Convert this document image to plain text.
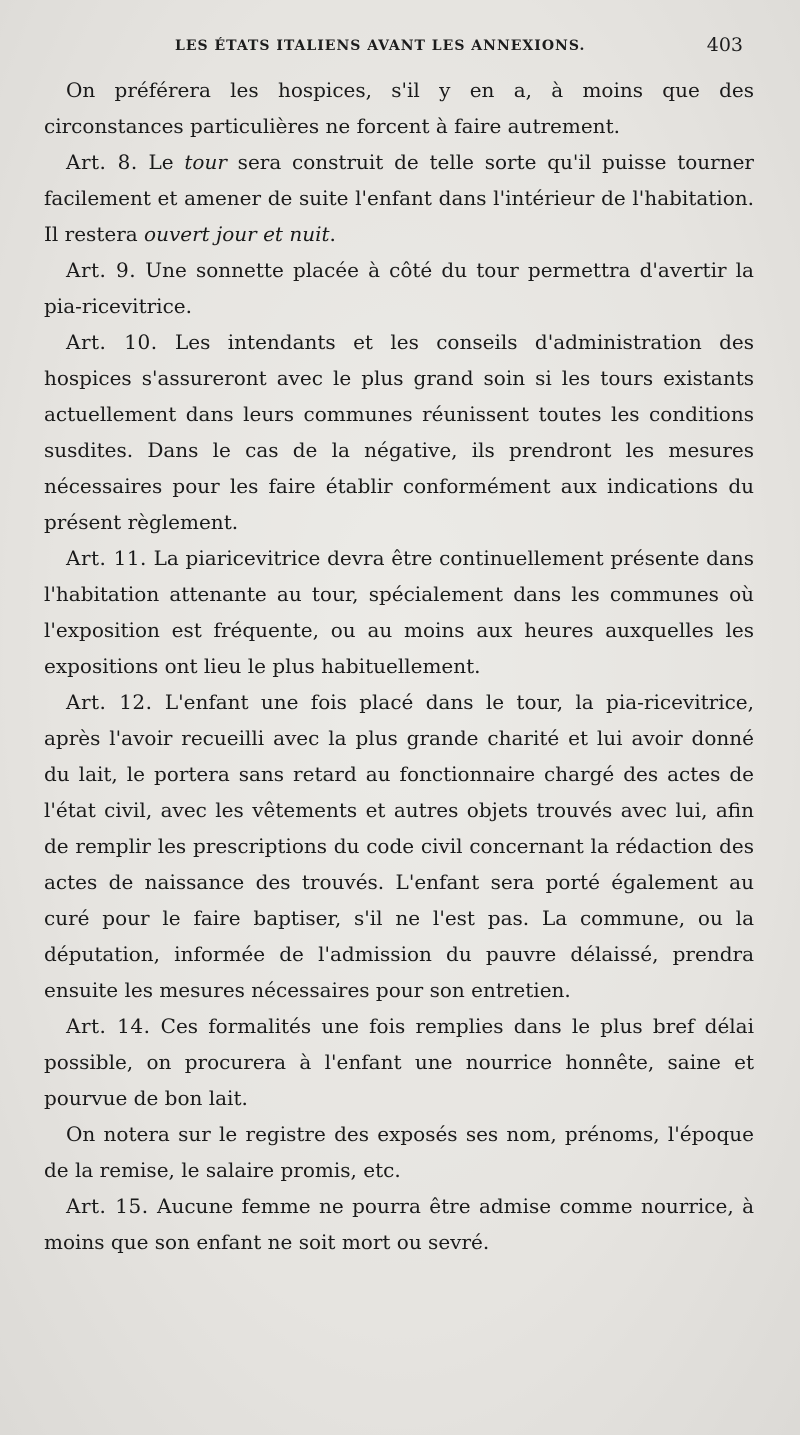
LES ÉTATS ITALIENS AVANT LES ANNEXIONS.	403

On préférera les hospices, s'il y en a, à moins que des circonstances particulières ne forcent à faire autrement.

Art. 8. Le tour sera construit de telle sorte qu'il puisse tourner facilement et amener de suite l'enfant dans l'intérieur de l'habitation. Il restera ouvert jour et nuit.

Art. 9. Une sonnette placée à côté du tour permettra d'avertir la pia-ricevitrice.

Art. 10. Les intendants et les conseils d'administration des hospices s'assureront avec le plus grand soin si les tours existants actuellement dans leurs communes réunissent toutes les conditions susdites. Dans le cas de la négative, ils prendront les mesures nécessaires pour les faire établir conformément aux indications du présent règlement.

Art. 11. La piaricevitrice devra être continuellement présente dans l'habitation attenante au tour, spécialement dans les communes où l'exposition est fréquente, ou au moins aux heures auxquelles les expositions ont lieu le plus habituellement.

Art. 12. L'enfant une fois placé dans le tour, la pia-ricevitrice, après l'avoir recueilli avec la plus grande charité et lui avoir donné du lait, le portera sans retard au fonctionnaire chargé des actes de l'état civil, avec les vêtements et autres objets trouvés avec lui, afin de remplir les prescriptions du code civil concernant la rédaction des actes de naissance des trouvés. L'enfant sera porté également au curé pour le faire baptiser, s'il ne l'est pas. La commune, ou la députation, informée de l'admission du pauvre délaissé, prendra ensuite les mesures nécessaires pour son entretien.

Art. 14. Ces formalités une fois remplies dans le plus bref délai possible, on procurera à l'enfant une nourrice honnête, saine et pourvue de bon lait.

On notera sur le registre des exposés ses nom, prénoms, l'époque de la remise, le salaire promis, etc.

Art. 15. Aucune femme ne pourra être admise comme nourrice, à moins que son enfant ne soit mort ou sevré.
